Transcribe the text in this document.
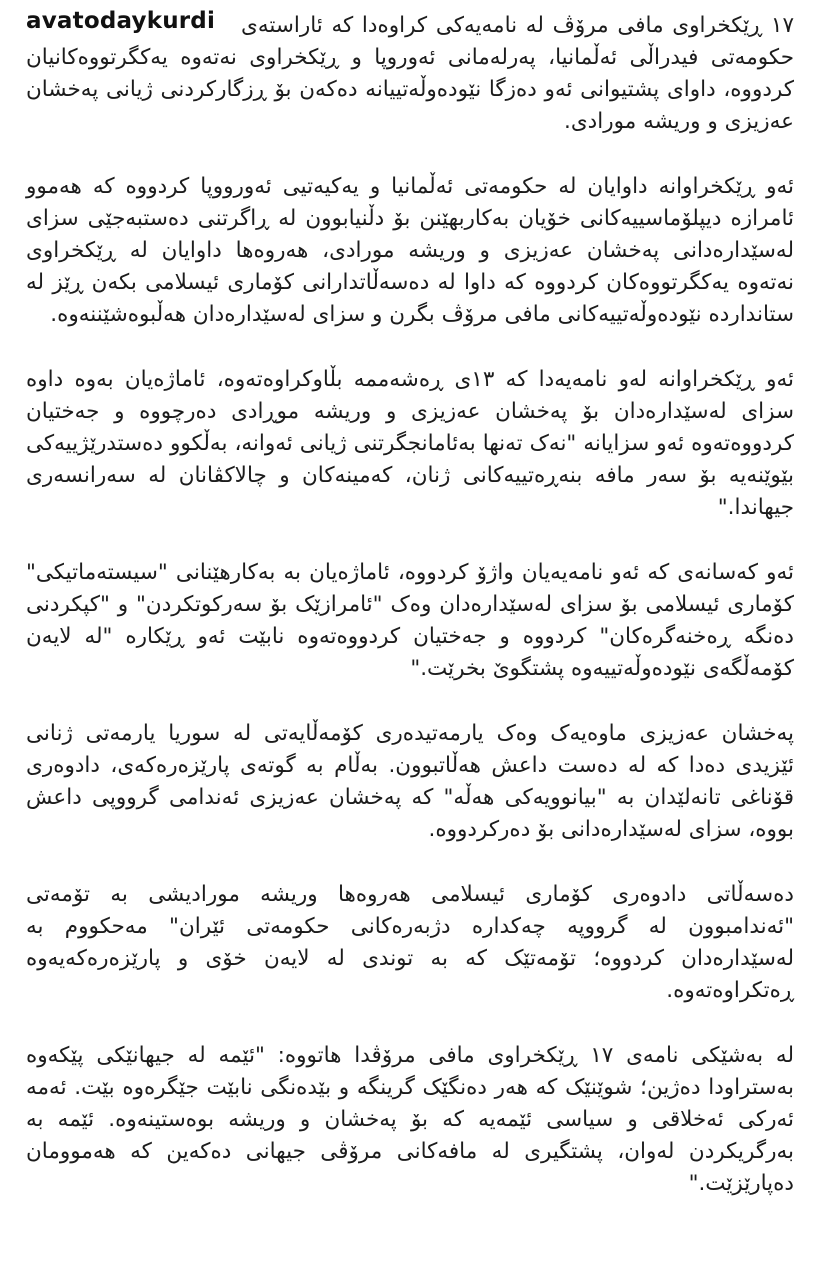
avatodaykurdi	١٧ ڕێکخراوی مافی مرۆڤ لە نامەیەکی کراوەدا کە ئاراستەی حکومەتی فیدراڵی ئەڵمانیا، پەرلەمانی ئەوروپا و ڕێکخراوی نەتەوە یەکگرتووەکانیان کردووە، داوای پشتیوانی ئەو دەزگا نێودەوڵەتییانە دەکەن بۆ ڕزگارکردنی ژیانی پەخشان عەزیزی و وریشە مورادی.

ئەو ڕێکخراوانە داوایان لە حکومەتی ئەڵمانیا و یەکیەتیی ئەورووپا کردووە کە هەموو ئامرازە دیپلۆماسییەکانی خۆیان بەکاربهێنن بۆ دڵنیابوون لە ڕاگرتنی دەستبەجێی سزای لەسێدارەدانی پەخشان عەزیزی و وریشە مورادی، هەروەها داوایان لە ڕێکخراوی نەتەوە یەکگرتووەکان کردووە کە داوا لە دەسەڵاتدارانی کۆماری ئیسلامی بکەن ڕێز لە ستانداردە نێودەوڵەتییەکانی مافی مرۆڤ بگرن و سزای لەسێدارەدان هەڵبوەشێننەوە.

ئەو ڕێکخراوانە لەو نامەیەدا کە ١٣ی ڕەشەممە بڵاوکراوەتەوە، ئاماژەیان بەوە داوە سزای لەسێدارەدان بۆ پەخشان عەزیزی و وریشە موڕادی دەرچووە و جەختیان کردووەتەوە ئەو سزایانە "نەک تەنها بەئامانجگرتنی ژیانی ئەوانە، بەڵکوو دەستدرێژییەکی بێوێنەیە بۆ سەر مافە بنەڕەتییەکانی ژنان، کەمینەکان و چالاکڤانان لە سەرانسەری جیهاندا."

ئەو کەسانەی کە ئەو نامەیەیان واژۆ کردووە، ئاماژەیان بە بەکارهێنانی "سیستەماتیکی" کۆماری ئیسلامی بۆ سزای لەسێدارەدان وەک "ئامرازێک بۆ سەرکوتکردن" و "کپکردنی دەنگە ڕەخنەگرەکان" کردووە و جەختیان کردووەتەوە نابێت ئەو ڕێکارە "لە لایەن کۆمەڵگەی نێودەوڵەتییەوە پشتگوێ بخرێت."

پەخشان عەزیزی ماوەیەک وەک یارمەتیدەری کۆمەڵایەتی لە سوریا یارمەتی ژنانی ئێزیدی دەدا کە لە دەست داعش هەڵاتبوون. بەڵام بە گوتەی پارێزەرەکەی، دادوەری قۆناغی تانەلێدان بە "بیانوویەکی هەڵە" کە پەخشان عەزیزی ئەندامی گرووپی داعش بووە، سزای لەسێدارەدانی بۆ دەرکردووە.

دەسەڵاتی دادوەری کۆماری ئیسلامی هەروەها وریشە مورادیشی بە تۆمەتی "ئەندامبوون لە گرووپە چەکدارە دژبەرەکانی حکومەتی ئێران" مەحکووم بە لەسێدارەدان کردووە؛ تۆمەتێک کە بە توندی لە لایەن خۆی و پارێزەرەکەیەوە ڕەتکراوەتەوە.

لە بەشێکی نامەی ١٧ ڕێکخراوی مافی مرۆڤدا هاتووە: "ئێمە لە جیهانێکی پێکەوە بەستراودا دەژین؛ شوێنێک کە هەر دەنگێک گرینگە و بێدەنگی نابێت جێگرەوە بێت. ئەمە ئەرکی ئەخلاقی و سیاسی ئێمەیە کە بۆ پەخشان و وریشە بوەستینەوە. ئێمە بە بەرگریکردن لەوان، پشتگیری لە مافەکانی مرۆڤی جیهانی دەکەین کە هەموومان دەپارێزێت."
